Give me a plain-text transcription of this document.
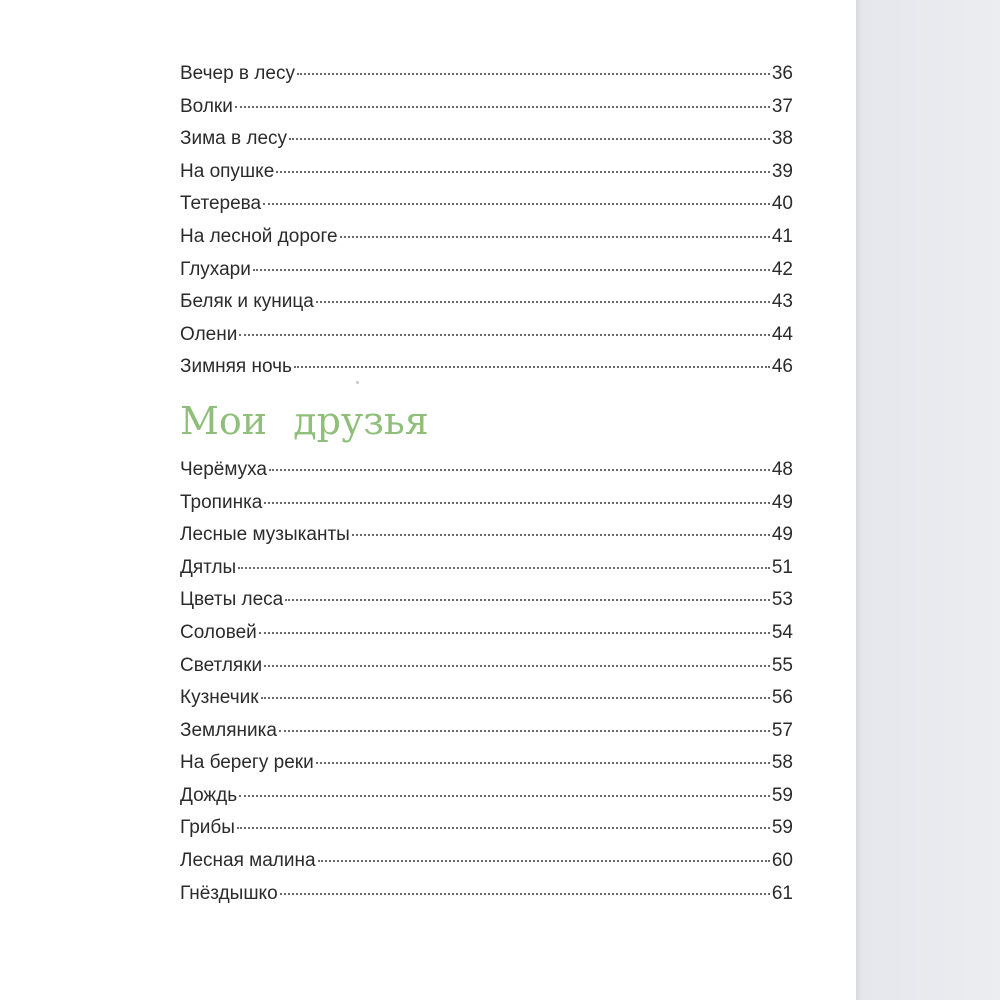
Вечер в лесу	36
Волки	37
Зима в лесу	38
На опушке	39
Тетерева	40
На лесной дороге	41
Глухари	42
Беляк и куница	43
Олени	44
Зимняя ночь	46
Мои друзья
Черёмуха	48
Тропинка	49
Лесные музыканты	49
Дятлы	51
Цветы леса	53
Соловей	54
Светляки	55
Кузнечик	56
Земляника	57
На берегу реки	58
Дождь	59
Грибы	59
Лесная малина	60
Гнёздышко	61
